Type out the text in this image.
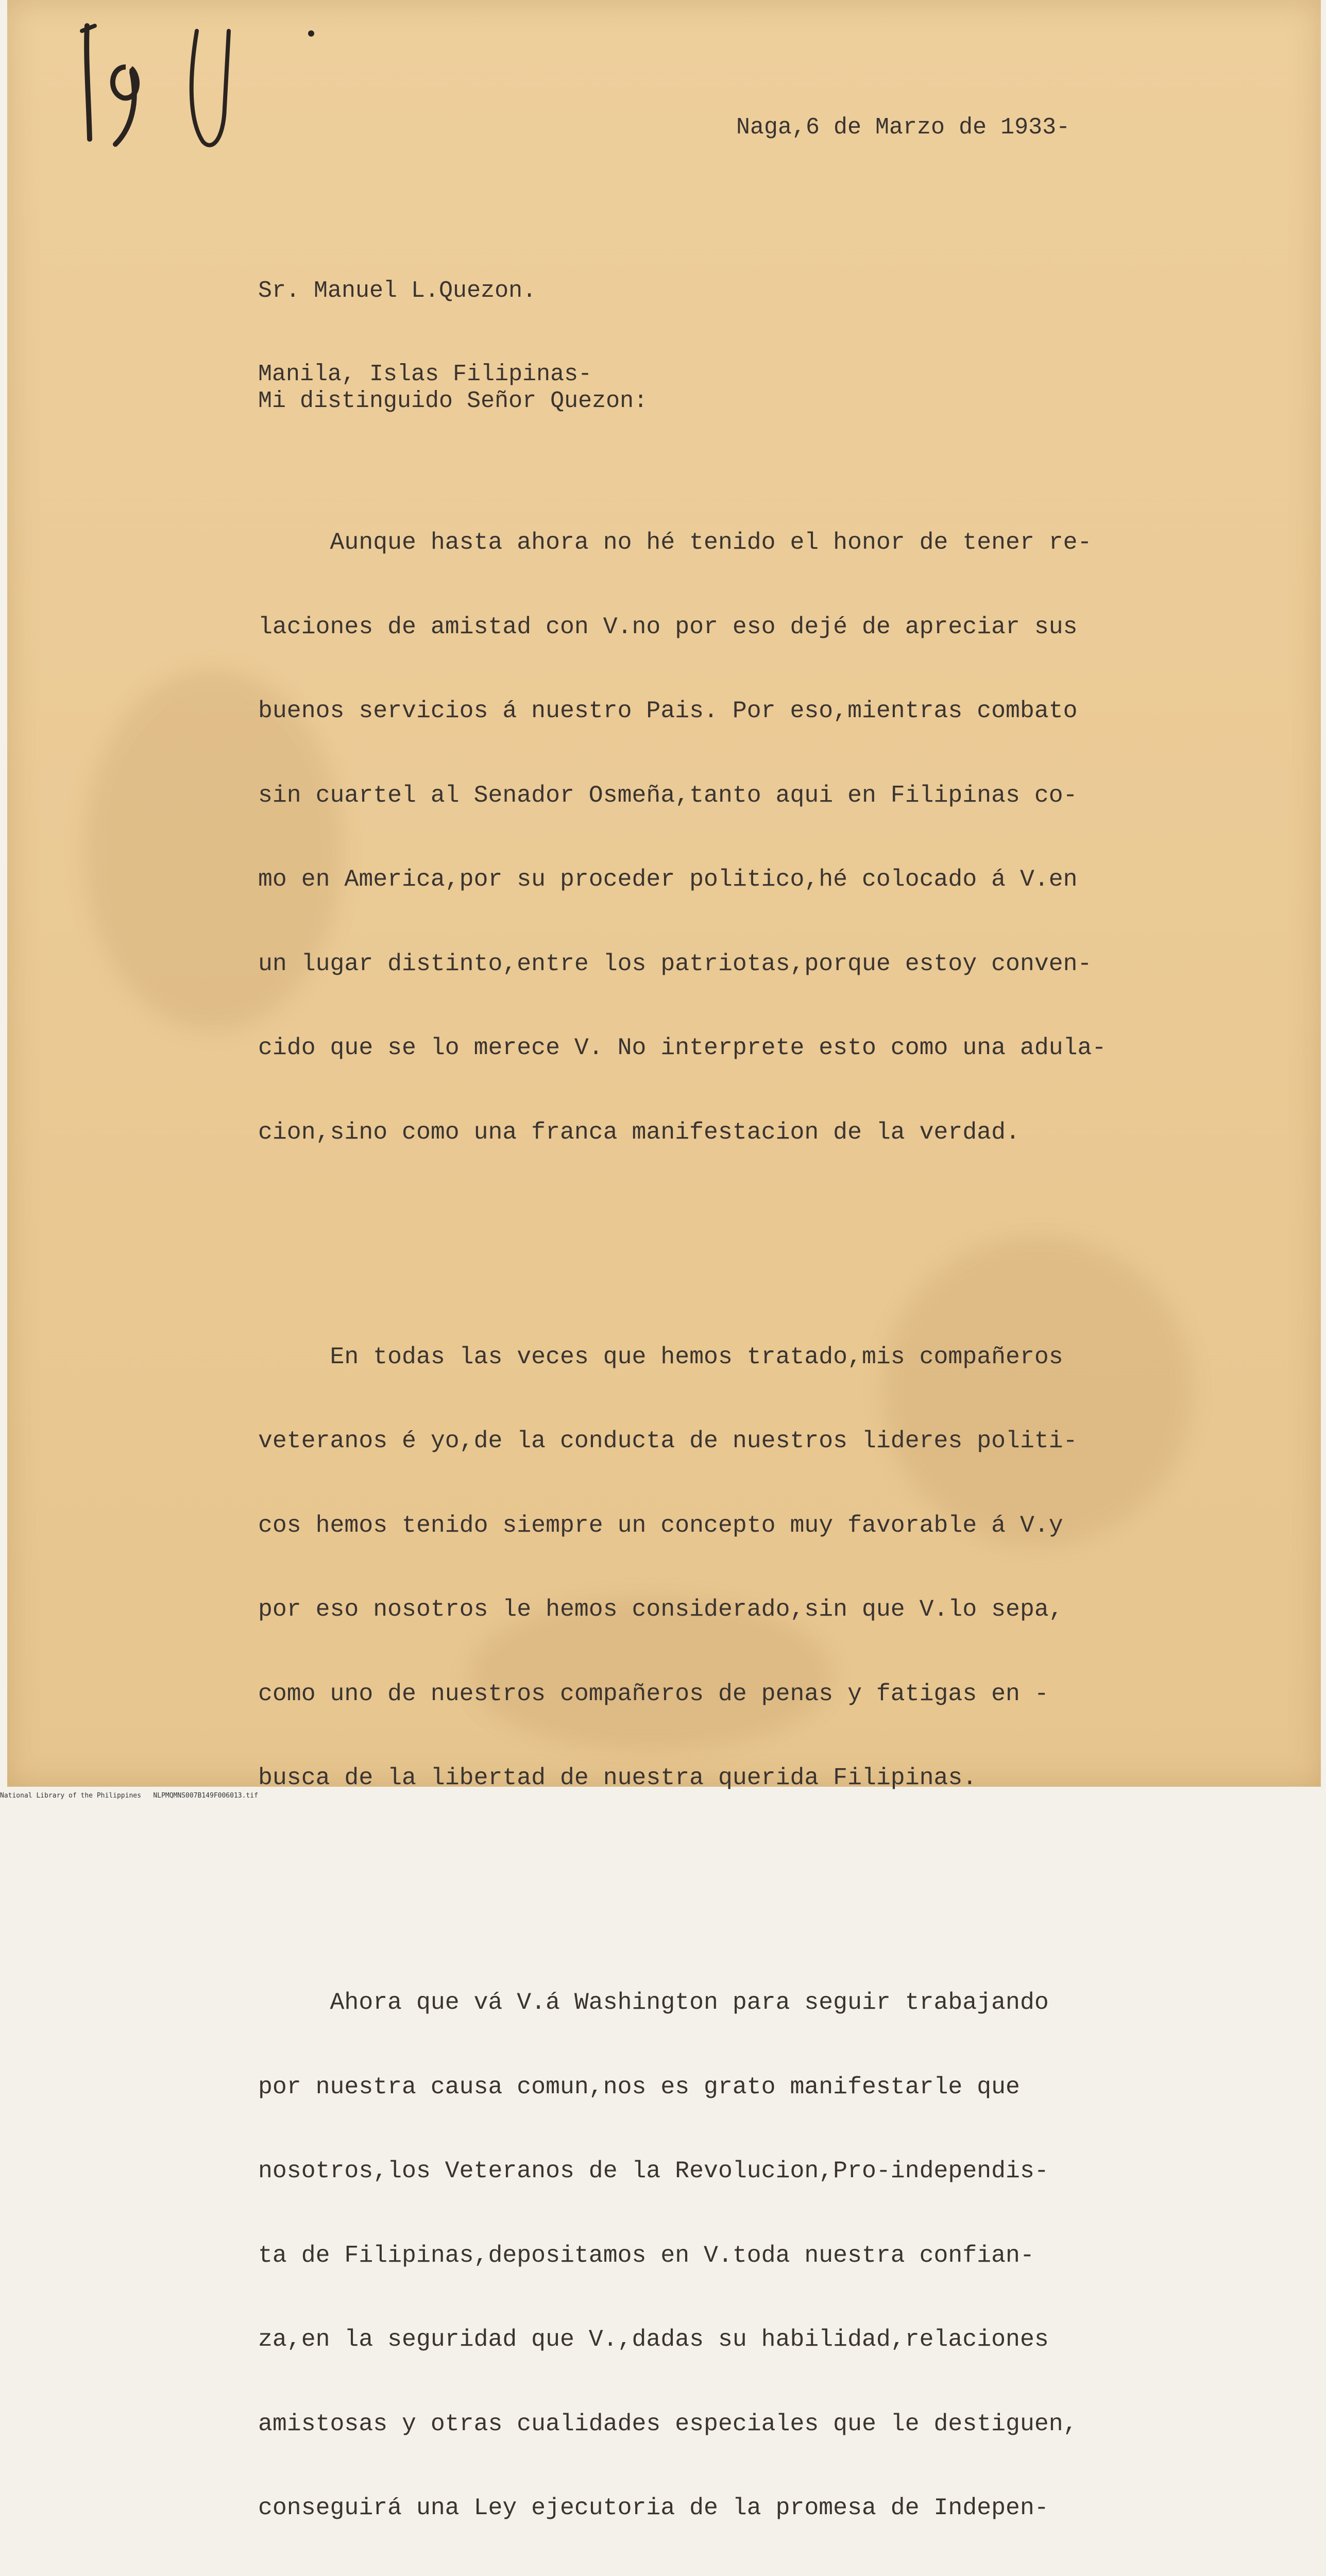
Naga,6 de Marzo de 1933-

Sr. Manuel L.Quezon.

Manila, Islas Filipinas-

Mi distinguido Señor Quezon:

Aunque hasta ahora no hé tenido el honor de tener re-

laciones de amistad con V.no por eso dejé de apreciar sus

buenos servicios á nuestro Pais. Por eso,mientras combato

sin cuartel al Senador Osmeña,tanto aqui en Filipinas co-

mo en America,por su proceder politico,hé colocado á V.en

un lugar distinto,entre los patriotas,porque estoy conven-

cido que se lo merece V. No interprete esto como una adula-

cion,sino como una franca manifestacion de la verdad.

En todas las veces que hemos tratado,mis compañeros

veteranos é yo,de la conducta de nuestros lideres politi-

cos hemos tenido siempre un concepto muy favorable á V.y

por eso nosotros le hemos considerado,sin que V.lo sepa,

como uno de nuestros compañeros de penas y fatigas en -

busca de la libertad de nuestra querida Filipinas.

Ahora que vá V.á Washington para seguir trabajando

por nuestra causa comun,nos es grato manifestarle que

nosotros,los Veteranos de la Revolucion,Pro-independis-

ta de Filipinas,depositamos en V.toda nuestra confian-

za,en la seguridad que V.,dadas su habilidad,relaciones

amistosas y otras cualidades especiales que le destiguen,

conseguirá una Ley ejecutoria de la promesa de Indepen-

National Library of the Philippines   NLPMQMNS007B149F006013.tif
